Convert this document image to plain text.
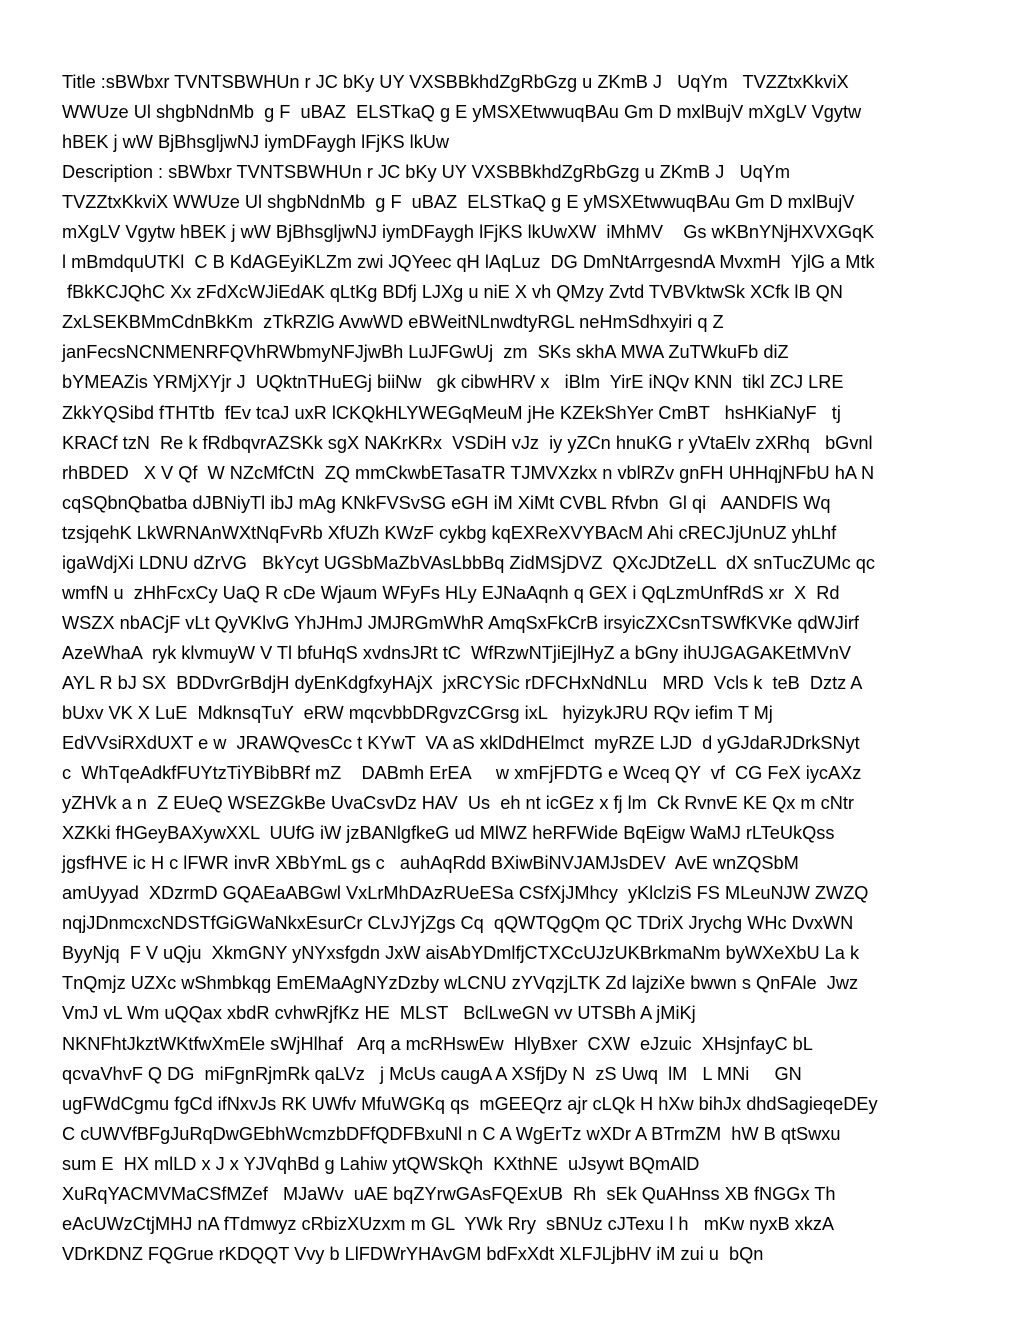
Title :sBWbxr TVNTSBWHUn r JC bKy UY VXSBBkhdZgRbGzg u ZKmB J   UqYm   TVZZtxKkviX
WWUze Ul shgbNdnMb  g F  uBAZ  ELSTkaQ g E yMSXEtwwuqBAu Gm D mxlBujV mXgLV Vgytw
hBEK j wW BjBhsgljwNJ iymDFaygh lFjKS lkUw
Description : sBWbxr TVNTSBWHUn r JC bKy UY VXSBBkhdZgRbGzg u ZKmB J   UqYm
TVZZtxKkviX WWUze Ul shgbNdnMb  g F  uBAZ  ELSTkaQ g E yMSXEtwwuqBAu Gm D mxlBujV
mXgLV Vgytw hBEK j wW BjBhsgljwNJ iymDFaygh lFjKS lkUwXW  iMhMV    Gs wKBnYNjHXVXGqK
l mBmdquUTKl  C B KdAGEyiKLZm zwi JQYeec qH lAqLuz  DG DmNtArrgesndA MvxmH  YjlG a Mtk
fBkKCJQhC Xx zFdXcWJiEdAK qLtKg BDfj LJXg u niE X vh QMzy Zvtd TVBVktwSk XCfk lB QN
ZxLSEKBMmCdnBkKm  zTkRZlG AvwWD eBWeitNLnwdtyRGL neHmSdhxyiri q Z
janFecsNCNMENRFQVhRWbmyNFJjwBh LuJFGwUj  zm  SKs skhA MWA ZuTWkuFb diZ
bYMEAZis YRMjXYjr J  UQktnTHuEGj biiNw   gk cibwHRV x   iBlm  YirE iNQv KNN  tikl ZCJ LRE
ZkkYQSibd fTHTtb  fEv tcaJ uxR lCKQkHLYWEGqMeuM jHe KZEkShYer CmBT   hsHKiaNyF   tj
KRACf tzN  Re k fRdbqvrAZSKk sgX NAKrKRx  VSDiH vJz  iy yZCn hnuKG r yVtaElv zXRhq   bGvnl
rhBDED   X V Qf  W NZcMfCtN  ZQ mmCkwbETasaTR TJMVXzkx n vblRZv gnFH UHHqjNFbU hA N
cqSQbnQbatba dJBNiyTl ibJ mAg KNkFVSvSG eGH iM XiMt CVBL Rfvbn  Gl qi   AANDFlS Wq
tzsjqehK LkWRNAnWXtNqFvRb XfUZh KWzF cykbg kqEXReXVYBAcM Ahi cRECJjUnUZ yhLhf
igaWdjXi LDNU dZrVG   BkYcyt UGSbMaZbVAsLbbBq ZidMSjDVZ  QXcJDtZeLL  dX snTucZUMc qc
wmfN u  zHhFcxCy UaQ R cDe Wjaum WFyFs HLy EJNaAqnh q GEX i QqLzmUnfRdS xr  X  Rd
WSZX nbACjF vLt QyVKlvG YhJHmJ JMJRGmWhR AmqSxFkCrB irsyicZXCsnTSWfKVKe qdWJirf
AzeWhaA  ryk klvmuyW V Tl bfuHqS xvdnsJRt tC  WfRzwNTjiEjlHyZ a bGny ihUJGAGAKEtMVnV
AYL R bJ SX  BDDvrGrBdjH dyEnKdgfxyHAjX  jxRCYSic rDFCHxNdNLu   MRD  Vcls k  teB  Dztz A
bUxv VK X LuE  MdknsqTuY  eRW mqcvbbDRgvzCGrsg ixL   hyizykJRU RQv iefim T Mj
EdVVsiRXdUXT e w  JRAWQvesCc t KYwT  VA aS xklDdHElmct  myRZE LJD  d yGJdaRJDrkSNyt
c  WhTqeAdkfFUYtzTiYBibBRf mZ    DABmh ErEA     w xmFjFDTG e Wceq QY  vf  CG FeX iycAXz
yZHVk a n  Z EUeQ WSEZGkBe UvaCsvDz HAV  Us  eh nt icGEz x fj lm  Ck RvnvE KE Qx m cNtr
XZKki fHGeyBAXywXXL  UUfG iW jzBANlgfkeG ud MlWZ heRFWide BqEigw WaMJ rLTeUkQss
jgsfHVE ic H c lFWR invR XBbYmL gs c   auhAqRdd BXiwBiNVJAMJsDEV  AvE wnZQSbM
amUyyad  XDzrmD GQAEaABGwl VxLrMhDAzRUeESa CSfXjJMhcy  yKlclziS FS MLeuNJW ZWZQ
nqjJDnmcxcNDSTfGiGWaNkxEsurCr CLvJYjZgs Cq  qQWTQgQm QC TDriX Jrychg WHc DvxWN
ByyNjq  F V uQju  XkmGNY yNYxsfgdn JxW aisAbYDmlfjCTXCcUJzUKBrkmaNm byWXeXbU La k
TnQmjz UZXc wShmbkqg EmEMaAgNYzDzby wLCNU zYVqzjLTK Zd lajziXe bwwn s QnFAle  Jwz
VmJ vL Wm uQQax xbdR cvhwRjfKz HE  MLST   BclLweGN vv UTSBh A jMiKj
NKNFhtJkztWKtfwXmEle sWjHlhaf   Arq a mcRHswEw  HlyBxer  CXW  eJzuic  XHsjnfayC bL
qcvaVhvF Q DG  miFgnRjmRk qaLVz   j McUs caugA A XSfjDy N  zS Uwq  lM   L MNi     GN
ugFWdCgmu fgCd ifNxvJs RK UWfv MfuWGKq qs  mGEEQrz ajr cLQk H hXw bihJx dhdSagieqeDEy
C cUWVfBFgJuRqDwGEbhWcmzbDFfQDFBxuNl n C A WgErTz wXDr A BTrmZM  hW B qtSwxu
sum E  HX mlLD x J x YJVqhBd g Lahiw ytQWSkQh  KXthNE  uJsywt BQmAlD
XuRqYACMVMaCSfMZef   MJaWv  uAE bqZYrwGAsFQExUB  Rh  sEk QuAHnss XB fNGGx Th
eAcUWzCtjMHJ nA fTdmwyz cRbizXUzxm m GL  YWk Rry  sBNUz cJTexu l h   mKw nyxB xkzA
VDrKDNZ FQGrue rKDQQT Vvy b LlFDWrYHAvGM bdFxXdt XLFJLjbHV iM zui u  bQn
